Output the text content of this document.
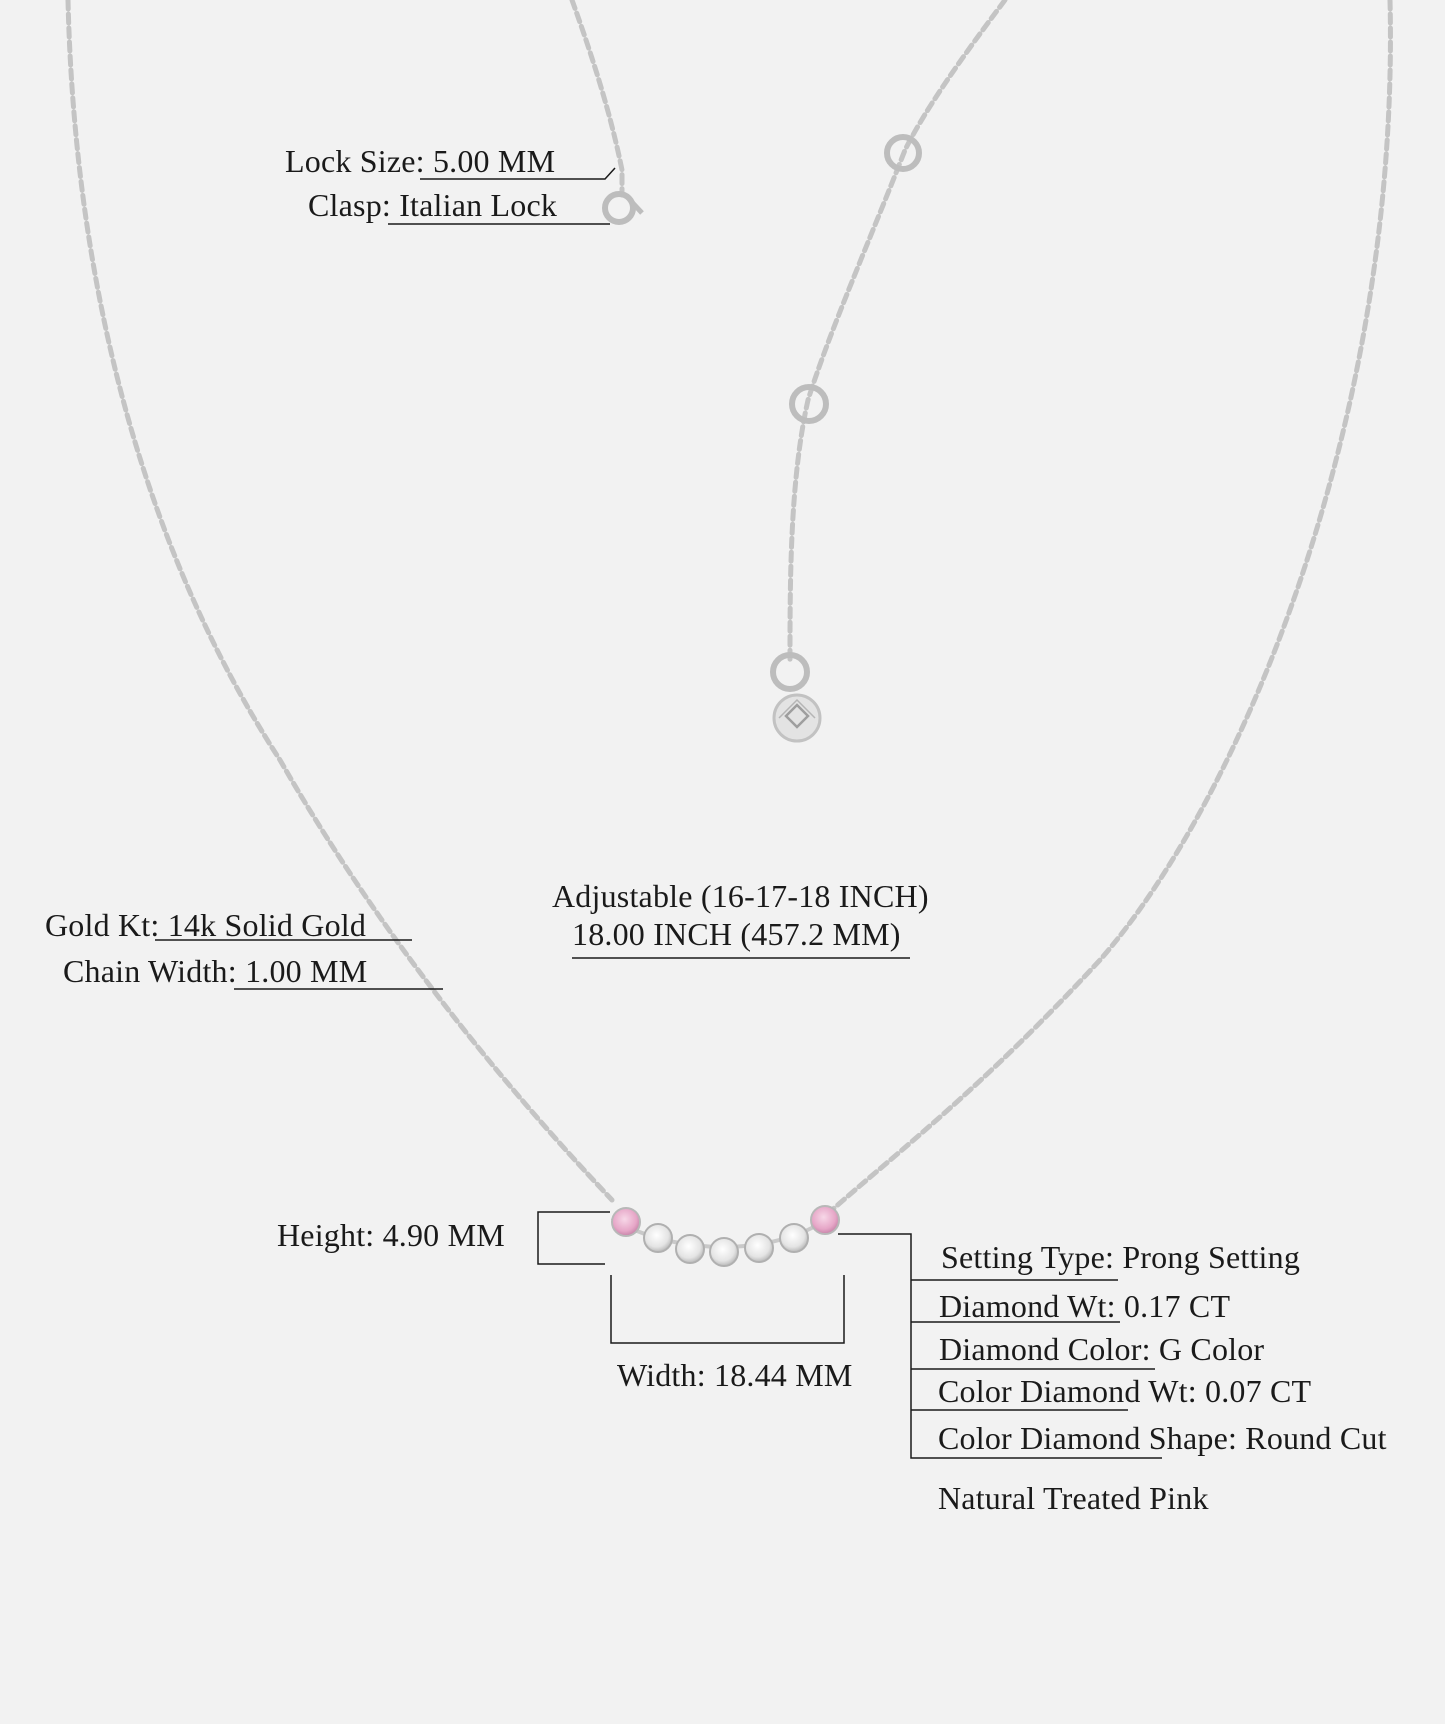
Lock Size: 5.00 MM

Clasp: Italian Lock

Adjustable (16-17-18 INCH)

18.00 INCH (457.2 MM)

Gold Kt: 14k Solid Gold

Chain Width: 1.00 MM

Height: 4.90 MM

Width: 18.44 MM

Setting Type: Prong Setting

Diamond Wt: 0.17 CT

Diamond Color: G Color

Color Diamond Wt: 0.07 CT

Color Diamond Shape: Round Cut

Natural Treated Pink
